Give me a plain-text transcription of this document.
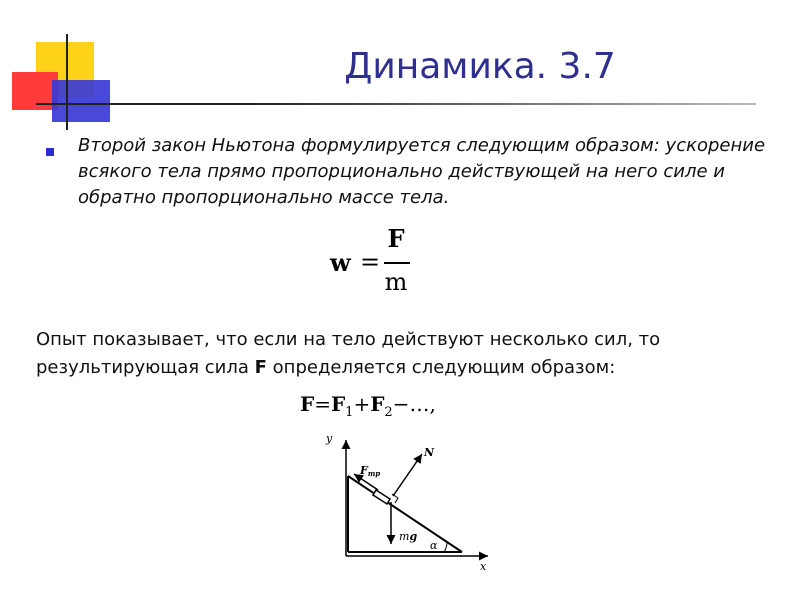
Динамика. 3.7
Второй закон Ньютона формулируется следующим образом: ускорение всякого тела прямо пропорционально действующей на него силе и обратно пропорционально массе тела.
w =
F
m
Опыт показывает, что если на тело действуют несколько сил, то результирующая сила F определяется следующим образом:
$F=F_1+F_2-\dots$,
y
x
N
Fтр
mg
α
